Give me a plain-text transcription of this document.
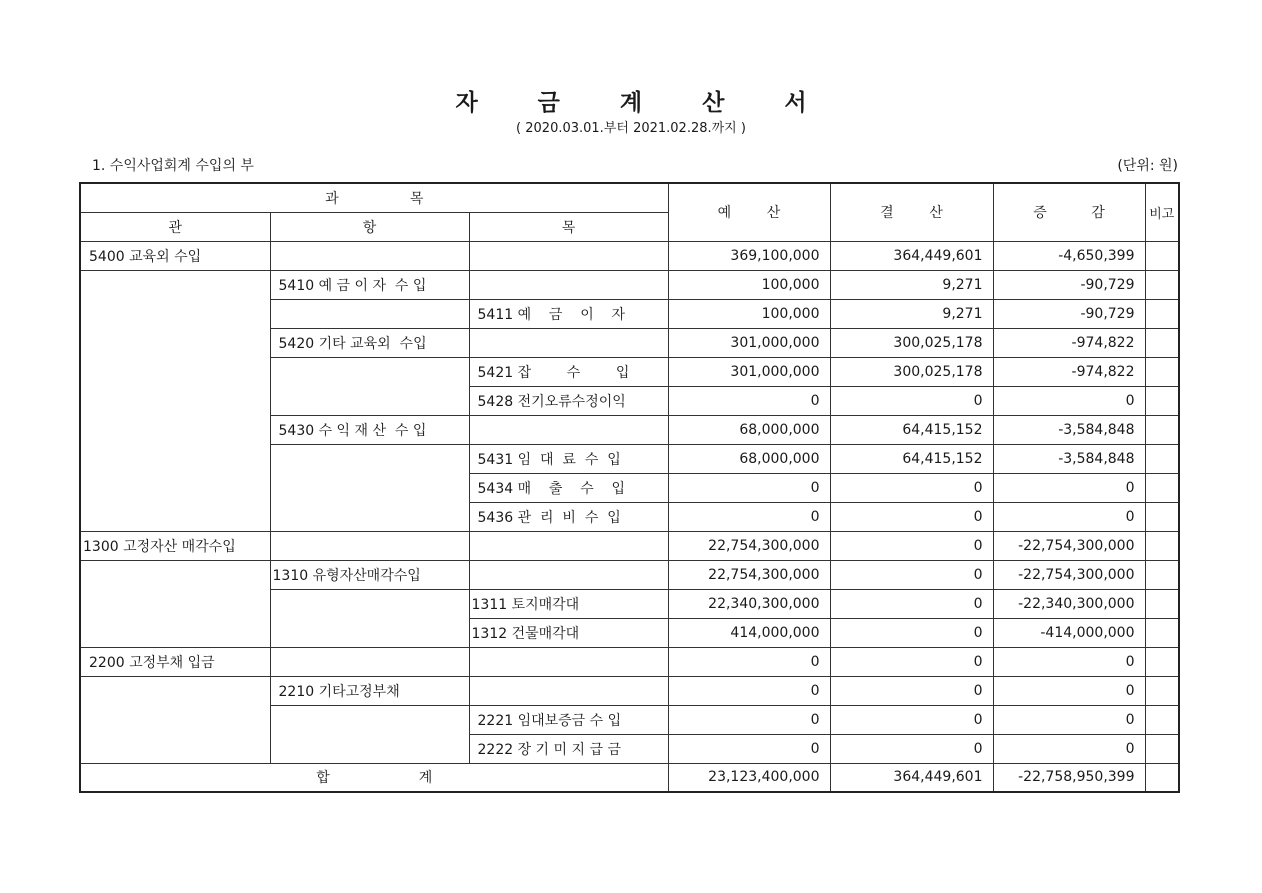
자 금 계 산 서
( 2020.03.01.부터 2021.02.28.까지 )
1. 수익사업회계 수입의 부	(단위: 원)
과                목			예        산	결        산	증          감	비고
관	항	목				
5400 교육외 수입			369,100,000	364,449,601	-4,650,399	
	5410 예 금 이 자  수 입		100,000	9,271	-90,729	
		5411 예    금    이    자	100,000	9,271	-90,729	
	5420 기타 교육외  수입		301,000,000	300,025,178	-974,822	
		5421 잡        수        입	301,000,000	300,025,178	-974,822	
		5428 전기오류수정이익	0	0	0	
	5430 수 익 재 산  수 입		68,000,000	64,415,152	-3,584,848	
		5431 임  대  료  수  입	68,000,000	64,415,152	-3,584,848	
		5434 매    출    수    입	0	0	0	
		5436 관  리  비  수  입	0	0	0	
1300 고정자산 매각수입			22,754,300,000	0	-22,754,300,000	
	1310 유형자산매각수입		22,754,300,000	0	-22,754,300,000	
		1311 토지매각대	22,340,300,000	0	-22,340,300,000	
		1312 건물매각대	414,000,000	0	-414,000,000	
2200 고정부채 입금			0	0	0	
	2210 기타고정부채		0	0	0	
		2221 임대보증금 수 입	0	0	0	
		2222 장 기 미 지 급 금	0	0	0	
합                    계			23,123,400,000	364,449,601	-22,758,950,399	
